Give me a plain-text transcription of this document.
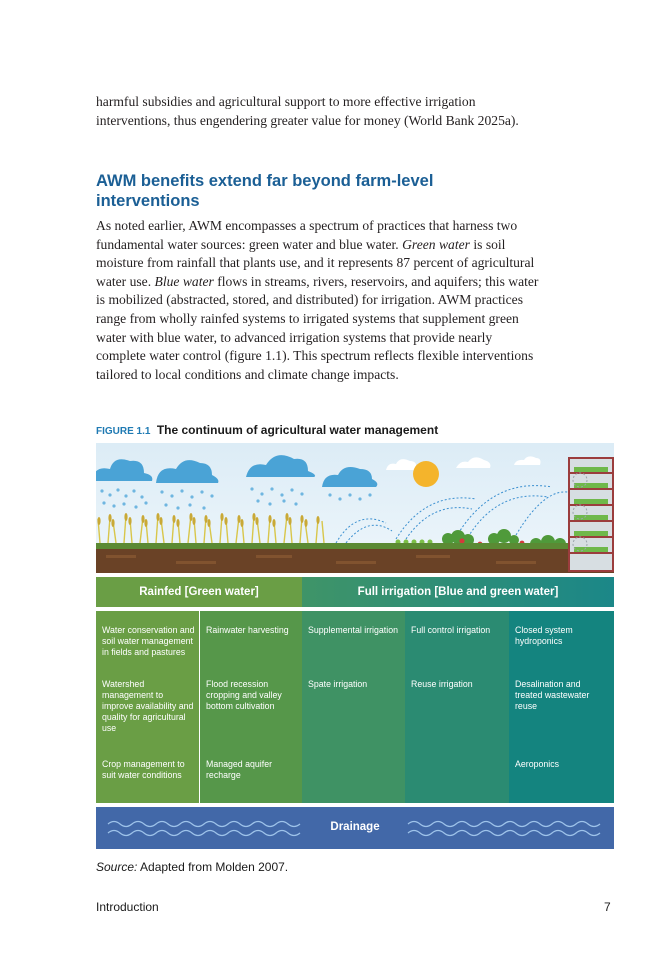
harmful subsidies and agricultural support to more effective irrigation interventions, thus engendering greater value for money (World Bank 2025a).
AWM benefits extend far beyond farm-level interventions
As noted earlier, AWM encompasses a spectrum of practices that harness two fundamental water sources: green water and blue water. Green water is soil moisture from rainfall that plants use, and it represents 87 percent of agricultural water use. Blue water flows in streams, rivers, reservoirs, and aquifers; this water is mobilized (abstracted, stored, and distributed) for irrigation. AWM practices range from wholly rainfed systems to irrigated systems that supplement green water with blue water, to advanced irrigation systems that provide nearly complete water control (figure 1.1). This spectrum reflects flexible interventions tailored to local conditions and climate change impacts.
FIGURE 1.1 The continuum of agricultural water management
Rainfed [Green water]	Full irrigation [Blue and green water]
Water conservation and soil water management in fields and pastures
Watershed management to improve availability and quality for agricultural use
Crop management to suit water conditions
Rainwater harvesting
Flood recession cropping and valley bottom cultivation
Managed aquifer recharge
Supplemental irrigation
Spate irrigation
Full control irrigation
Reuse irrigation
Closed system hydroponics
Desalination and treated wastewater reuse
Aeroponics
Drainage
Source: Adapted from Molden 2007.
Introduction	7
